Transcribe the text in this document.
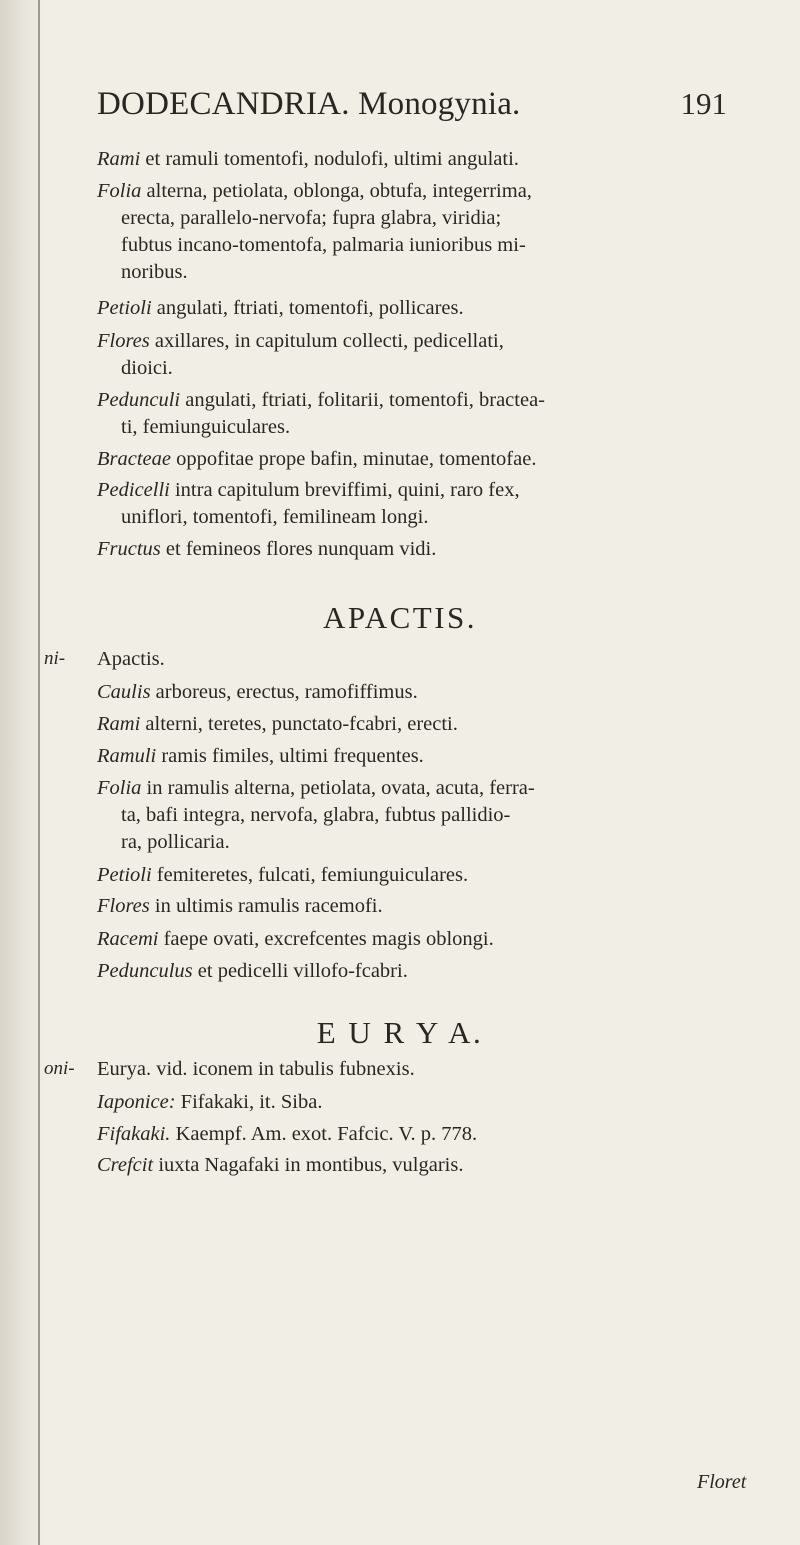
DODECANDRIA. Monogynia.	191
Rami et ramuli tomentofi, nodulofi, ultimi angulati.
Folia alterna, petiolata, oblonga, obtufa, integerrima,
erecta, parallelo-nervofa; fupra glabra, viridia;
fubtus incano-tomentofa, palmaria iunioribus mi-
noribus.
Petioli angulati, ftriati, tomentofi, pollicares.
Flores axillares, in capitulum collecti, pedicellati,
dioici.
Pedunculi angulati, ftriati, folitarii, tomentofi, bractea-
ti, femiunguiculares.
Bracteae oppofitae prope bafin, minutae, tomentofae.
Pedicelli intra capitulum breviffimi, quini, raro fex,
uniflori, tomentofi, femilineam longi.
Fructus et femineos flores nunquam vidi.
APACTIS.
ni- Apactis.
Caulis arboreus, erectus, ramofiffimus.
Rami alterni, teretes, punctato-fcabri, erecti.
Ramuli ramis fimiles, ultimi frequentes.
Folia in ramulis alterna, petiolata, ovata, acuta, ferra-
ta, bafi integra, nervofa, glabra, fubtus pallidio-
ra, pollicaria.
Petioli femiteretes, fulcati, femiunguiculares.
Flores in ultimis ramulis racemofi.
Racemi faepe ovati, excrefcentes magis oblongi.
Pedunculus et pedicelli villofo-fcabri.
E U R Y A.
oni- Eurya. vid. iconem in tabulis fubnexis.
Iaponice: Fifakaki, it. Siba.
Fifakaki. Kaempf. Am. exot. Fafcic. V. p. 778.
Crefcit iuxta Nagafaki in montibus, vulgaris.
Floret
